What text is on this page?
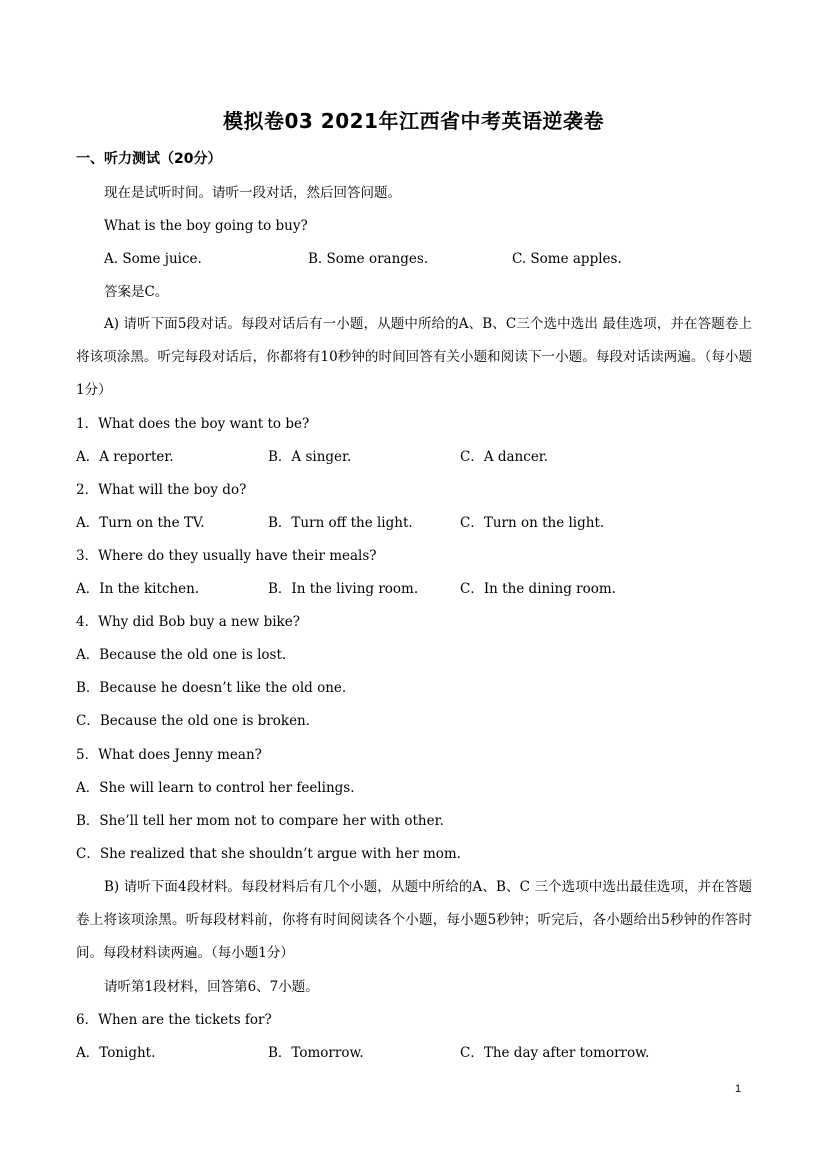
模拟卷03 2021年江西省中考英语逆袭卷
一、听力测试（20分）
现在是试听时间。请听一段对话，然后回答问题。
What is the boy going to buy?
A. Some juice.	B. Some oranges.	C. Some apples.
答案是C。
A) 请听下面5段对话。每段对话后有一小题，从题中所给的A、B、C三个选中选出 最佳选项，并在答题卷上将该项涂黑。听完每段对话后，你都将有10秒钟的时间回答有关小题和阅读下一小题。每段对话读两遍。（每小题1分）
1．What does the boy want to be?
A．A reporter.	B．A singer.	C．A dancer.
2．What will the boy do?
A．Turn on the TV.	B．Turn off the light.	C．Turn on the light.
3．Where do they usually have their meals?
A．In the kitchen.	B．In the living room.	C．In the dining room.
4．Why did Bob buy a new bike?
A．Because the old one is lost.
B．Because he doesn’t like the old one.
C．Because the old one is broken.
5．What does Jenny mean?
A．She will learn to control her feelings.
B．She’ll tell her mom not to compare her with other.
C．She realized that she shouldn’t argue with her mom.
B) 请听下面4段材料。每段材料后有几个小题，从题中所给的A、B、C 三个选项中选出最佳选项，并在答题卷上将该项涂黑。听每段材料前，你将有时间阅读各个小题，每小题5秒钟；听完后，各小题给出5秒钟的作答时间。每段材料读两遍。（每小题1分）
请听第1段材料，回答第6、7小题。
6．When are the tickets for?
A．Tonight.	B．Tomorrow.	C．The day after tomorrow.
1
